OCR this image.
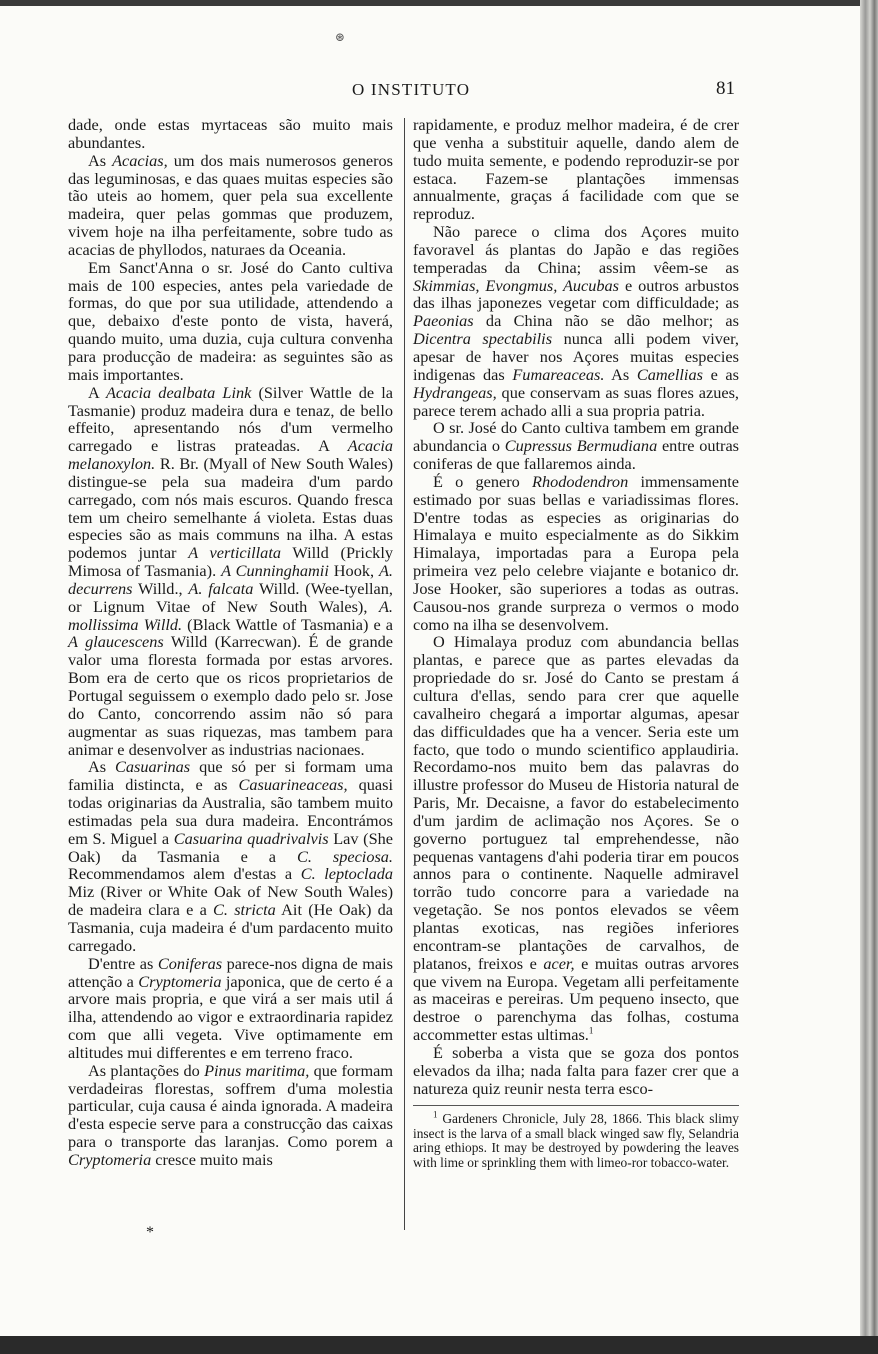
⊛
O INSTITUTO	81

dade, onde estas myrtaceas são muito mais abundantes.

As Acacias, um dos mais numerosos generos das leguminosas, e das quaes muitas especies são tão uteis ao homem, quer pela sua excellente madeira, quer pelas gommas que produzem, vivem hoje na ilha perfeitamente, sobre tudo as acacias de phyllodos, naturaes da Oceania.

Em Sanct'Anna o sr. José do Canto cultiva mais de 100 especies, antes pela variedade de formas, do que por sua utilidade, attendendo a que, debaixo d'este ponto de vista, haverá, quando muito, uma duzia, cuja cultura convenha para producção de madeira: as seguintes são as mais importantes.

A Acacia dealbata Link (Silver Wattle de la Tasmanie) produz madeira dura e tenaz, de bello effeito, apresentando nós d'um vermelho carregado e listras prateadas. A Acacia melanoxylon. R. Br. (Myall of New South Wales) distingue-se pela sua madeira d'um pardo carregado, com nós mais escuros. Quando fresca tem um cheiro semelhante á violeta. Estas duas especies são as mais communs na ilha. A estas podemos juntar A verticillata Willd (Prickly Mimosa of Tasmania). A Cunninghamii Hook, A. decurrens Willd., A. falcata Willd. (Wee-tyellan, or Lignum Vitae of New South Wales), A. mollissima Willd. (Black Wattle of Tasmania) e a A glaucescens Willd (Karrecwan). É de grande valor uma floresta formada por estas arvores. Bom era de certo que os ricos proprietarios de Portugal seguissem o exemplo dado pelo sr. Jose do Canto, concorrendo assim não só para augmentar as suas riquezas, mas tambem para animar e desenvolver as industrias nacionaes.

As Casuarinas que só per si formam uma familia distincta, e as Casuarineaceas, quasi todas originarias da Australia, são tambem muito estimadas pela sua dura madeira. Encontrámos em S. Miguel a Casuarina quadrivalvis Lav (She Oak) da Tasmania e a C. speciosa. Recommendamos alem d'estas a C. leptoclada Miz (River or White Oak of New South Wales) de madeira clara e a C. stricta Ait (He Oak) da Tasmania, cuja madeira é d'um pardacento muito carregado.

D'entre as Coniferas parece-nos digna de mais attenção a Cryptomeria japonica, que de certo é a arvore mais propria, e que virá a ser mais util á ilha, attendendo ao vigor e extraordinaria rapidez com que alli vegeta. Vive optimamente em altitudes mui differentes e em terreno fraco.

As plantações do Pinus maritima, que formam verdadeiras florestas, soffrem d'uma molestia particular, cuja causa é ainda ignorada. A madeira d'esta especie serve para a construcção das caixas para o transporte das laranjas. Como porem a Cryptomeria cresce muito mais

rapidamente, e produz melhor madeira, é de crer que venha a substituir aquelle, dando alem de tudo muita semente, e podendo reproduzir-se por estaca. Fazem-se plantações immensas annualmente, graças á facilidade com que se reproduz.

Não parece o clima dos Açores muito favoravel ás plantas do Japão e das regiões temperadas da China; assim vêem-se as Skimmias, Evongmus, Aucubas e outros arbustos das ilhas japonezes vegetar com difficuldade; as Paeonias da China não se dão melhor; as Dicentra spectabilis nunca alli podem viver, apesar de haver nos Açores muitas especies indigenas das Fumareaceas. As Camellias e as Hydrangeas, que conservam as suas flores azues, parece terem achado alli a sua propria patria.

O sr. José do Canto cultiva tambem em grande abundancia o Cupressus Bermudiana entre outras coniferas de que fallaremos ainda.

É o genero Rhododendron immensamente estimado por suas bellas e variadissimas flores. D'entre todas as especies as originarias do Himalaya e muito especialmente as do Sikkim Himalaya, importadas para a Europa pela primeira vez pelo celebre viajante e botanico dr. Jose Hooker, são superiores a todas as outras. Causou-nos grande surpreza o vermos o modo como na ilha se desenvolvem.

O Himalaya produz com abundancia bellas plantas, e parece que as partes elevadas da propriedade do sr. José do Canto se prestam á cultura d'ellas, sendo para crer que aquelle cavalheiro chegará a importar algumas, apesar das difficuldades que ha a vencer. Seria este um facto, que todo o mundo scientifico applaudiria. Recordamo-nos muito bem das palavras do illustre professor do Museu de Historia natural de Paris, Mr. Decaisne, a favor do estabelecimento d'um jardim de aclimação nos Açores. Se o governo portuguez tal emprehendesse, não pequenas vantagens d'ahi poderia tirar em poucos annos para o continente. Naquelle admiravel torrão tudo concorre para a variedade na vegetação. Se nos pontos elevados se vêem plantas exoticas, nas regiões inferiores encontram-se plantações de carvalhos, de platanos, freixos e acer, e muitas outras arvores que vivem na Europa. Vegetam alli perfeitamente as maceiras e pereiras. Um pequeno insecto, que destroe o parenchyma das folhas, costuma accommetter estas ultimas.$^1$

É soberba a vista que se goza dos pontos elevados da ilha; nada falta para fazer crer que a natureza quiz reunir nesta terra esco-

$^1$ Gardeners Chronicle, July 28, 1866. This black slimy insect is the larva of a small black winged saw fly, Selandria aring ethiops. It may be destroyed by powdering the leaves with lime or sprinkling them with limeo-ror tobacco-water.

*
